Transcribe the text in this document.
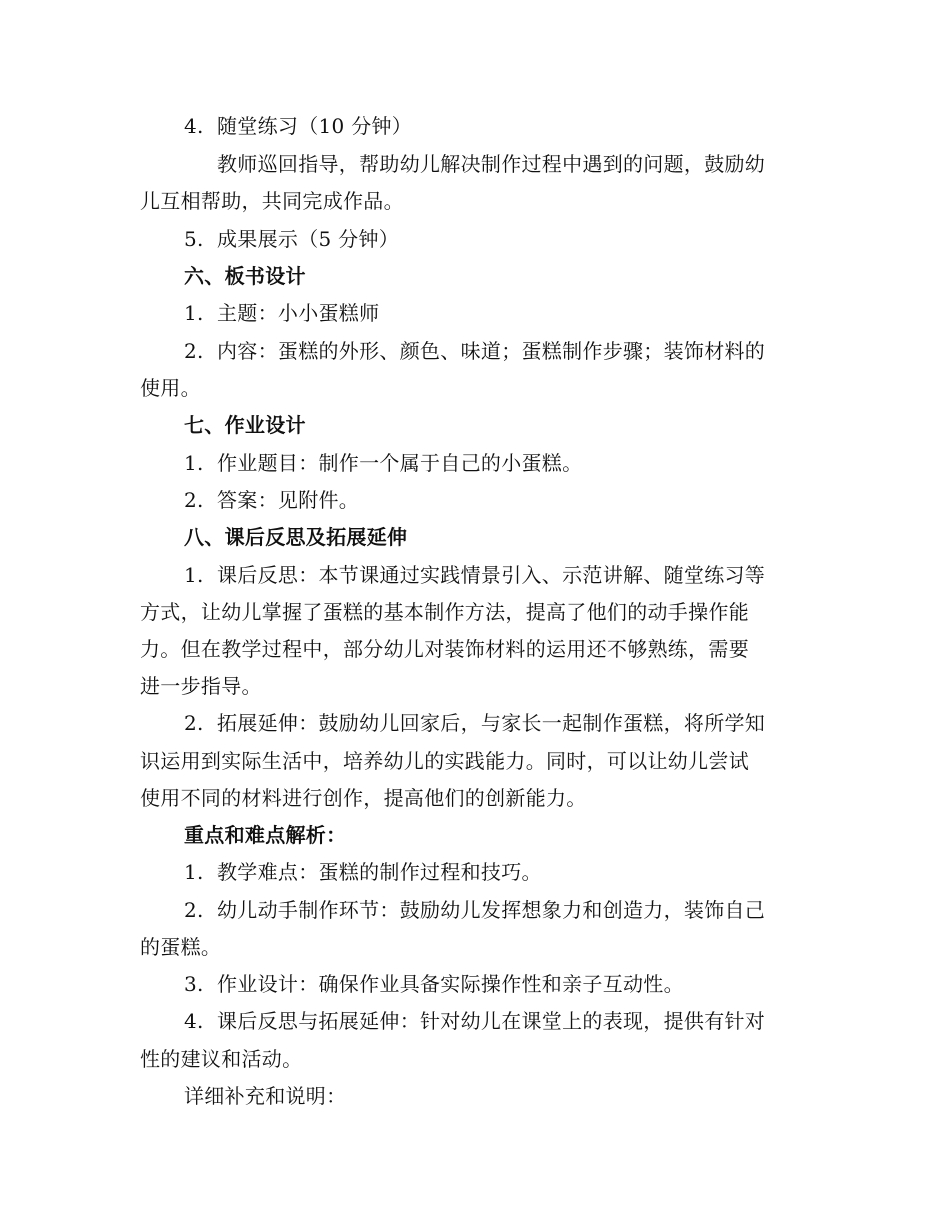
4. 随堂练习（10 分钟）
教师巡回指导，帮助幼儿解决制作过程中遇到的问题，鼓励幼
儿互相帮助，共同完成作品。
5. 成果展示（5 分钟）
六、板书设计
1. 主题：小小蛋糕师
2. 内容：蛋糕的外形、颜色、味道；蛋糕制作步骤；装饰材料的
使用。
七、作业设计
1. 作业题目：制作一个属于自己的小蛋糕。
2. 答案：见附件。
八、课后反思及拓展延伸
1. 课后反思：本节课通过实践情景引入、示范讲解、随堂练习等
方式，让幼儿掌握了蛋糕的基本制作方法，提高了他们的动手操作能
力。但在教学过程中，部分幼儿对装饰材料的运用还不够熟练，需要
进一步指导。
2. 拓展延伸：鼓励幼儿回家后，与家长一起制作蛋糕，将所学知
识运用到实际生活中，培养幼儿的实践能力。同时，可以让幼儿尝试
使用不同的材料进行创作，提高他们的创新能力。
重点和难点解析：
1. 教学难点：蛋糕的制作过程和技巧。
2. 幼儿动手制作环节：鼓励幼儿发挥想象力和创造力，装饰自己
的蛋糕。
3. 作业设计：确保作业具备实际操作性和亲子互动性。
4. 课后反思与拓展延伸：针对幼儿在课堂上的表现，提供有针对
性的建议和活动。
详细补充和说明：
